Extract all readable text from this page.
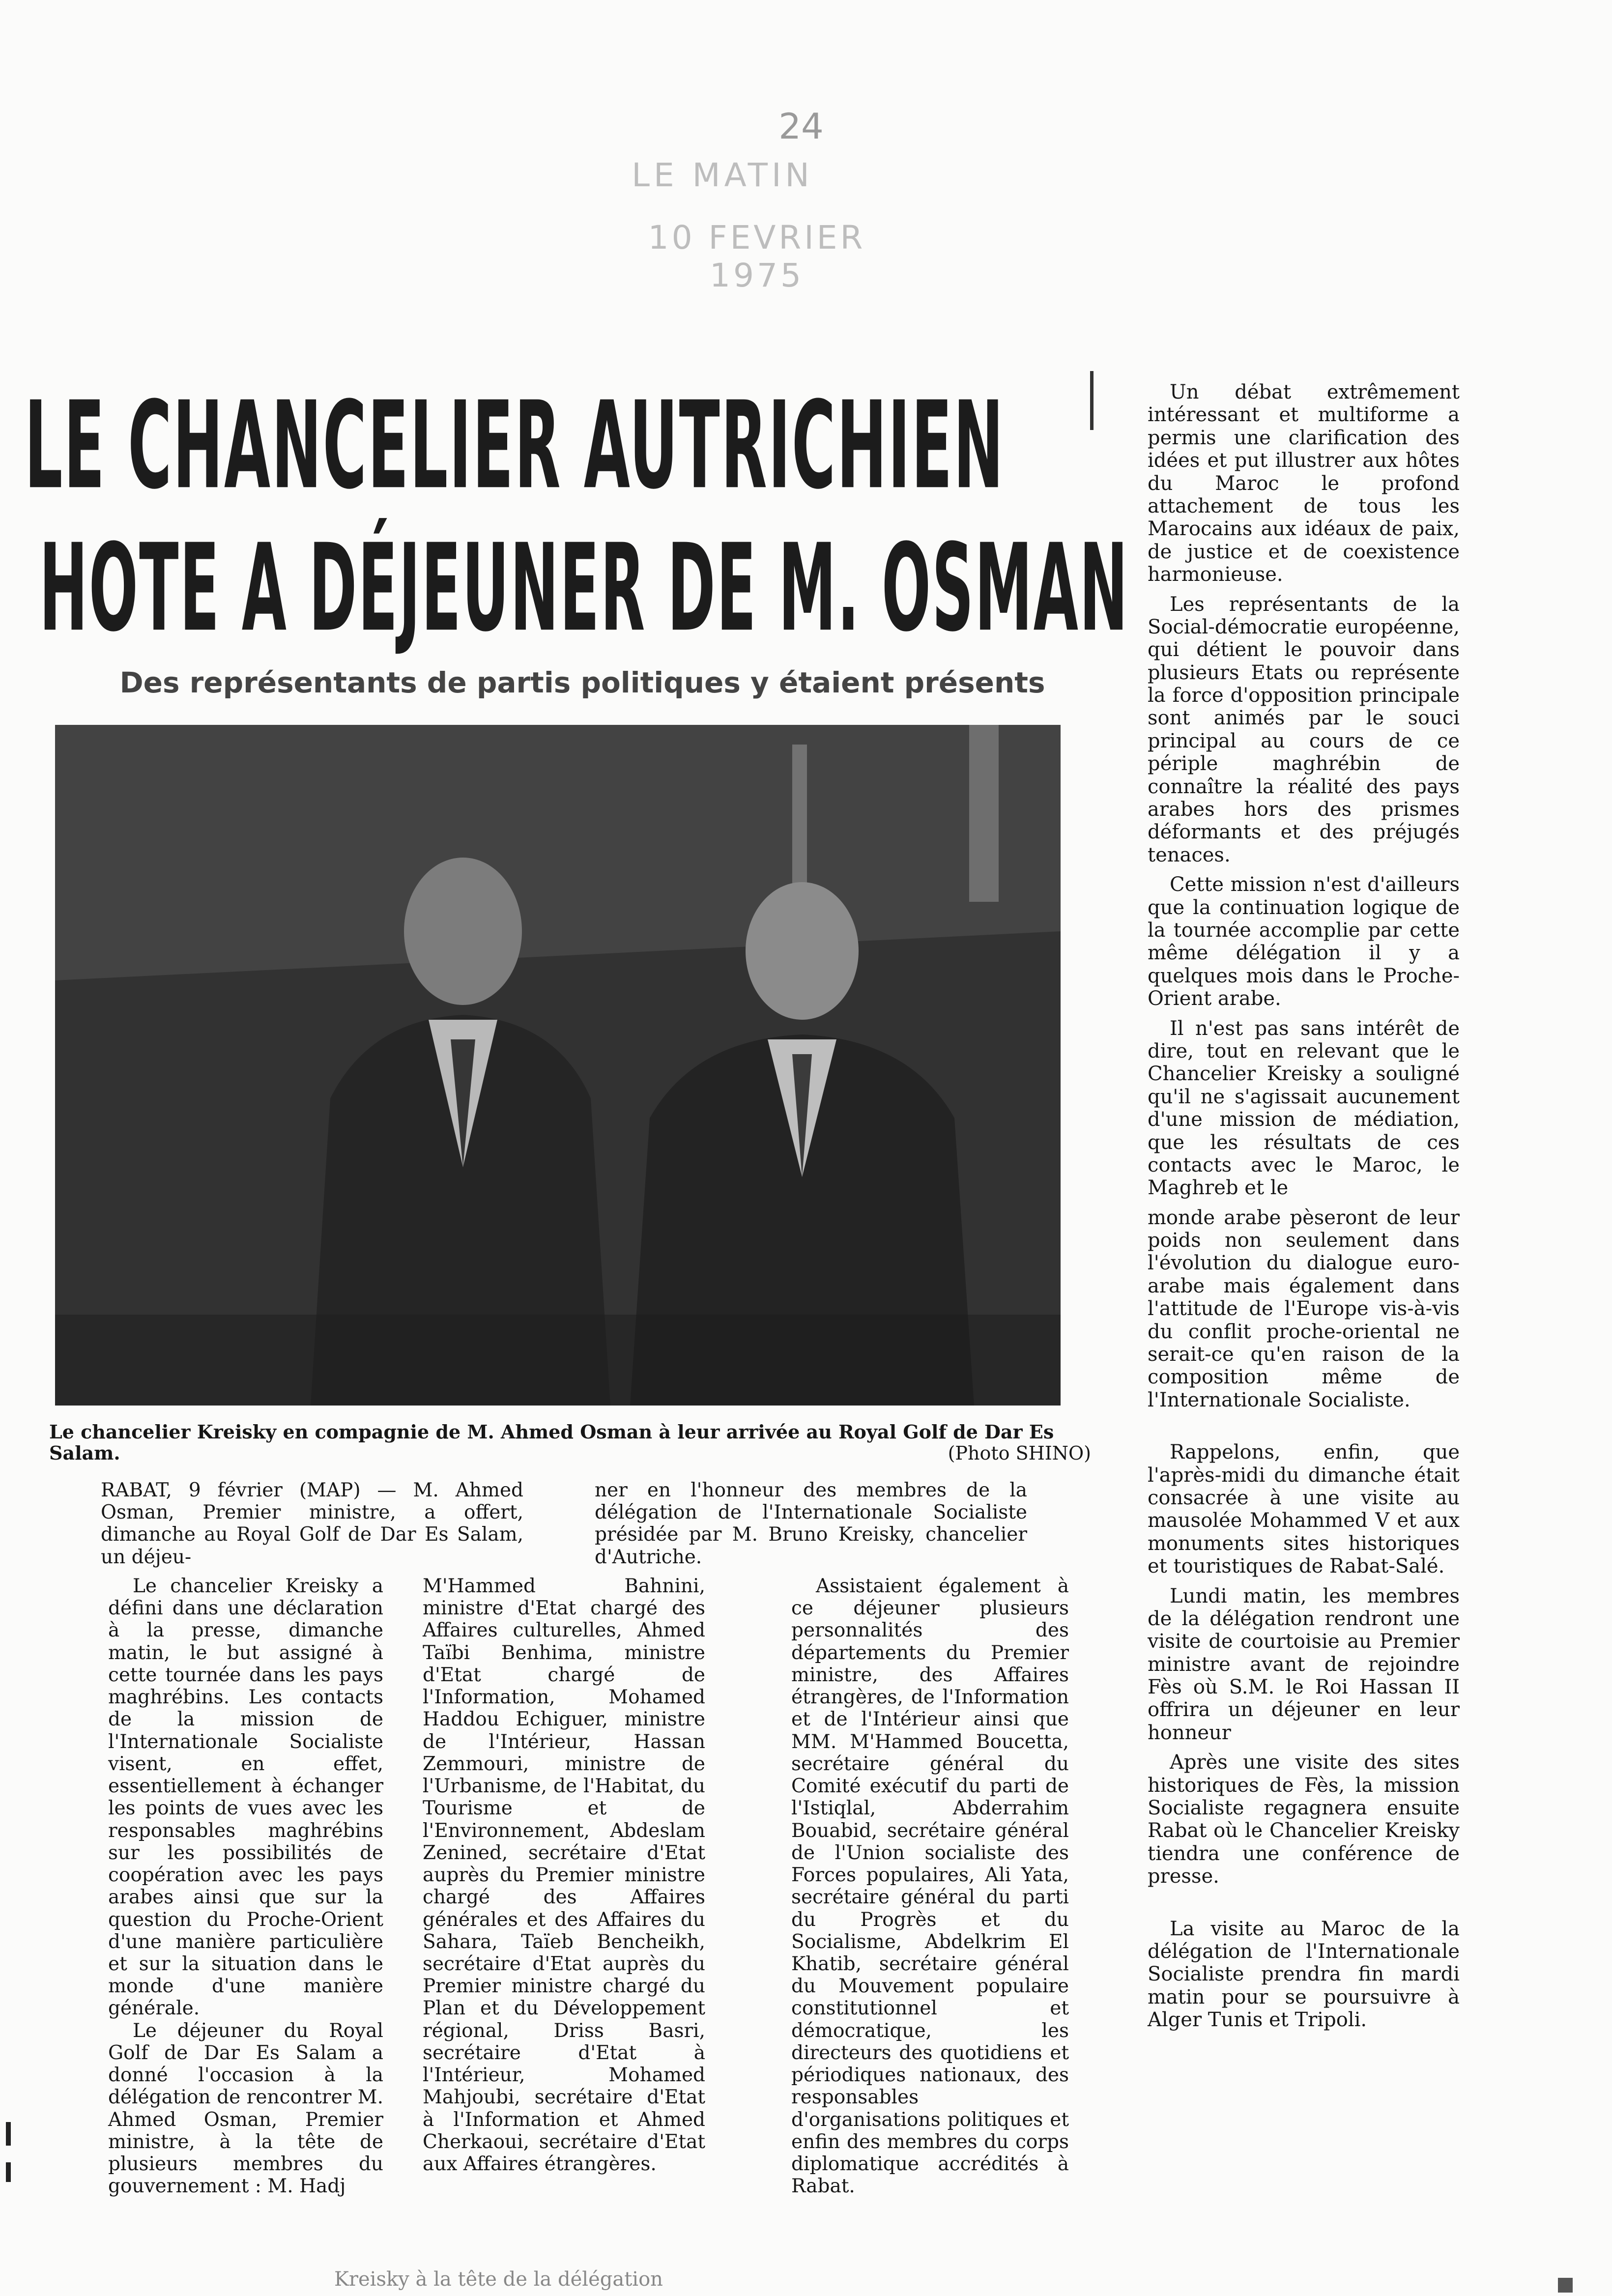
24
LE MATIN
10 FEVRIER 1975
LE CHANCELIER AUTRICHIEN
HOTE A DÉJEUNER DE M. OSMAN
Des représentants de partis politiques y étaient présents
Le chancelier Kreisky en compagnie de M. Ahmed Osman à leur arrivée au Royal Golf de Dar Es Salam.	(Photo SHINO)

RABAT, 9 février (MAP) — M. Ahmed Osman, Premier ministre, a offert, dimanche au Royal Golf de Dar Es Salam, un déjeu-

ner en l'honneur des membres de la délégation de l'Internationale Socialiste présidée par M. Bruno Kreisky, chancelier d'Autriche.

Le chancelier Kreisky a défini dans une déclaration à la presse, dimanche matin, le but assigné à cette tournée dans les pays maghrébins. Les contacts de la mission de l'Internationale Socialiste visent, en effet, essentiellement à échanger les points de vues avec les responsables maghrébins sur les possibilités de coopération avec les pays arabes ainsi que sur la question du Proche-Orient d'une manière particulière et sur la situation dans le monde d'une manière générale.

Le déjeuner du Royal Golf de Dar Es Salam a donné l'occasion à la délégation de rencontrer M. Ahmed Osman, Premier ministre, à la tête de plusieurs membres du gouvernement : M. Hadj

M'Hammed Bahnini, ministre d'Etat chargé des Affaires culturelles, Ahmed Taïbi Benhima, ministre d'Etat chargé de l'Information, Mohamed Haddou Echiguer, ministre de l'Intérieur, Hassan Zemmouri, ministre de l'Urbanisme, de l'Habitat, du Tourisme et de l'Environnement, Abdeslam Zenined, secrétaire d'Etat auprès du Premier ministre chargé des Affaires générales et des Affaires du Sahara, Taïeb Bencheikh, secrétaire d'Etat auprès du Premier ministre chargé du Plan et du Développement régional, Driss Basri, secrétaire d'Etat à l'Intérieur, Mohamed Mahjoubi, secrétaire d'Etat à l'Information et Ahmed Cherkaoui, secrétaire d'Etat aux Affaires étrangères.

Assistaient également à ce déjeuner plusieurs personnalités des départements du Premier ministre, des Affaires étrangères, de l'Information et de l'Intérieur ainsi que MM. M'Hammed Boucetta, secrétaire général du Comité exécutif du parti de l'Istiqlal, Abderrahim Bouabid, secrétaire général de l'Union socialiste des Forces populaires, Ali Yata, secrétaire général du parti du Progrès et du Socialisme, Abdelkrim El Khatib, secrétaire général du Mouvement populaire constitutionnel et démocratique, les directeurs des quotidiens et périodiques nationaux, des responsables d'organisations politiques et enfin des membres du corps diplomatique accrédités à Rabat.

Un débat extrêmement intéressant et multiforme a permis une clarification des idées et put illustrer aux hôtes du Maroc le profond attachement de tous les Marocains aux idéaux de paix, de justice et de coexistence harmonieuse.

Les représentants de la Social-démocratie européenne, qui détient le pouvoir dans plusieurs Etats ou représente la force d'opposition principale sont animés par le souci principal au cours de ce périple maghrébin de connaître la réalité des pays arabes hors des prismes déformants et des préjugés tenaces.

Cette mission n'est d'ailleurs que la continuation logique de la tournée accomplie par cette même délégation il y a quelques mois dans le Proche-Orient arabe.

Il n'est pas sans intérêt de dire, tout en relevant que le Chancelier Kreisky a souligné qu'il ne s'agissait aucunement d'une mission de médiation, que les résultats de ces contacts avec le Maroc, le Maghreb et le

monde arabe pèseront de leur poids non seulement dans l'évolution du dialogue euro-arabe mais également dans l'attitude de l'Europe vis-à-vis du conflit proche-oriental ne serait-ce qu'en raison de la composition même de l'Internationale Socialiste.

Rappelons, enfin, que l'après-midi du dimanche était consacrée à une visite au mausolée Mohammed V et aux monuments sites historiques et touristiques de Rabat-Salé.

Lundi matin, les membres de la délégation rendront une visite de courtoisie au Premier ministre avant de rejoindre Fès où S.M. le Roi Hassan II offrira un déjeuner en leur honneur

Après une visite des sites historiques de Fès, la mission Socialiste regagnera ensuite Rabat où le Chancelier Kreisky tiendra une conférence de presse.

La visite au Maroc de la délégation de l'Internationale Socialiste prendra fin mardi matin pour se poursuivre à Alger Tunis et Tripoli.

Kreisky à la tête de la délégation
